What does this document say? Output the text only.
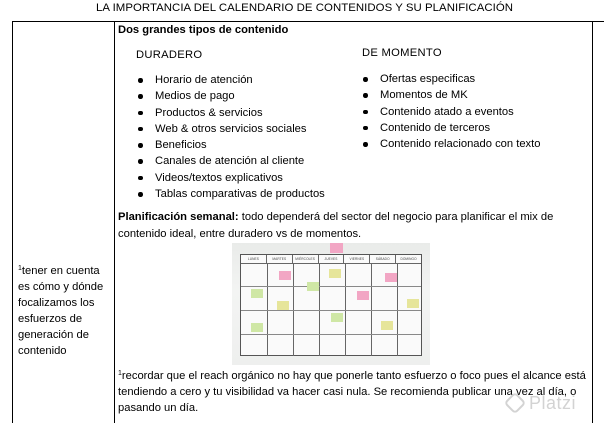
LA IMPORTANCIA DEL CALENDARIO DE CONTENIDOS Y SU PLANIFICACIÓN
$^1$tener en cuenta es cómo y dónde focalizamos los esfuerzos de generación de contenido
Dos grandes tipos de contenido
DURADERO
Horario de atención
Medios de pago
Productos & servicios
Web & otros servicios sociales
Beneficios
Canales de atención al cliente
Videos/textos explicativos
Tablas comparativas de productos
DE MOMENTO
Ofertas especificas
Momentos de MK
Contenido atado a eventos
Contenido de terceros
Contenido relacionado con texto
Planificación semanal: todo dependerá del sector del negocio para planificar el mix de contenido ideal, entre duradero vs de momentos.
LUNES	MARTES	MIÉRCOLES	JUEVES	VIERNES	SÁBADO	DOMINGO
$^1$recordar que el reach orgánico no hay que ponerle tanto esfuerzo o foco pues el alcance está tendiendo a cero y tu visibilidad va hacer casi nula. Se recomienda publicar una vez al día, o pasando un día.	Platzi
